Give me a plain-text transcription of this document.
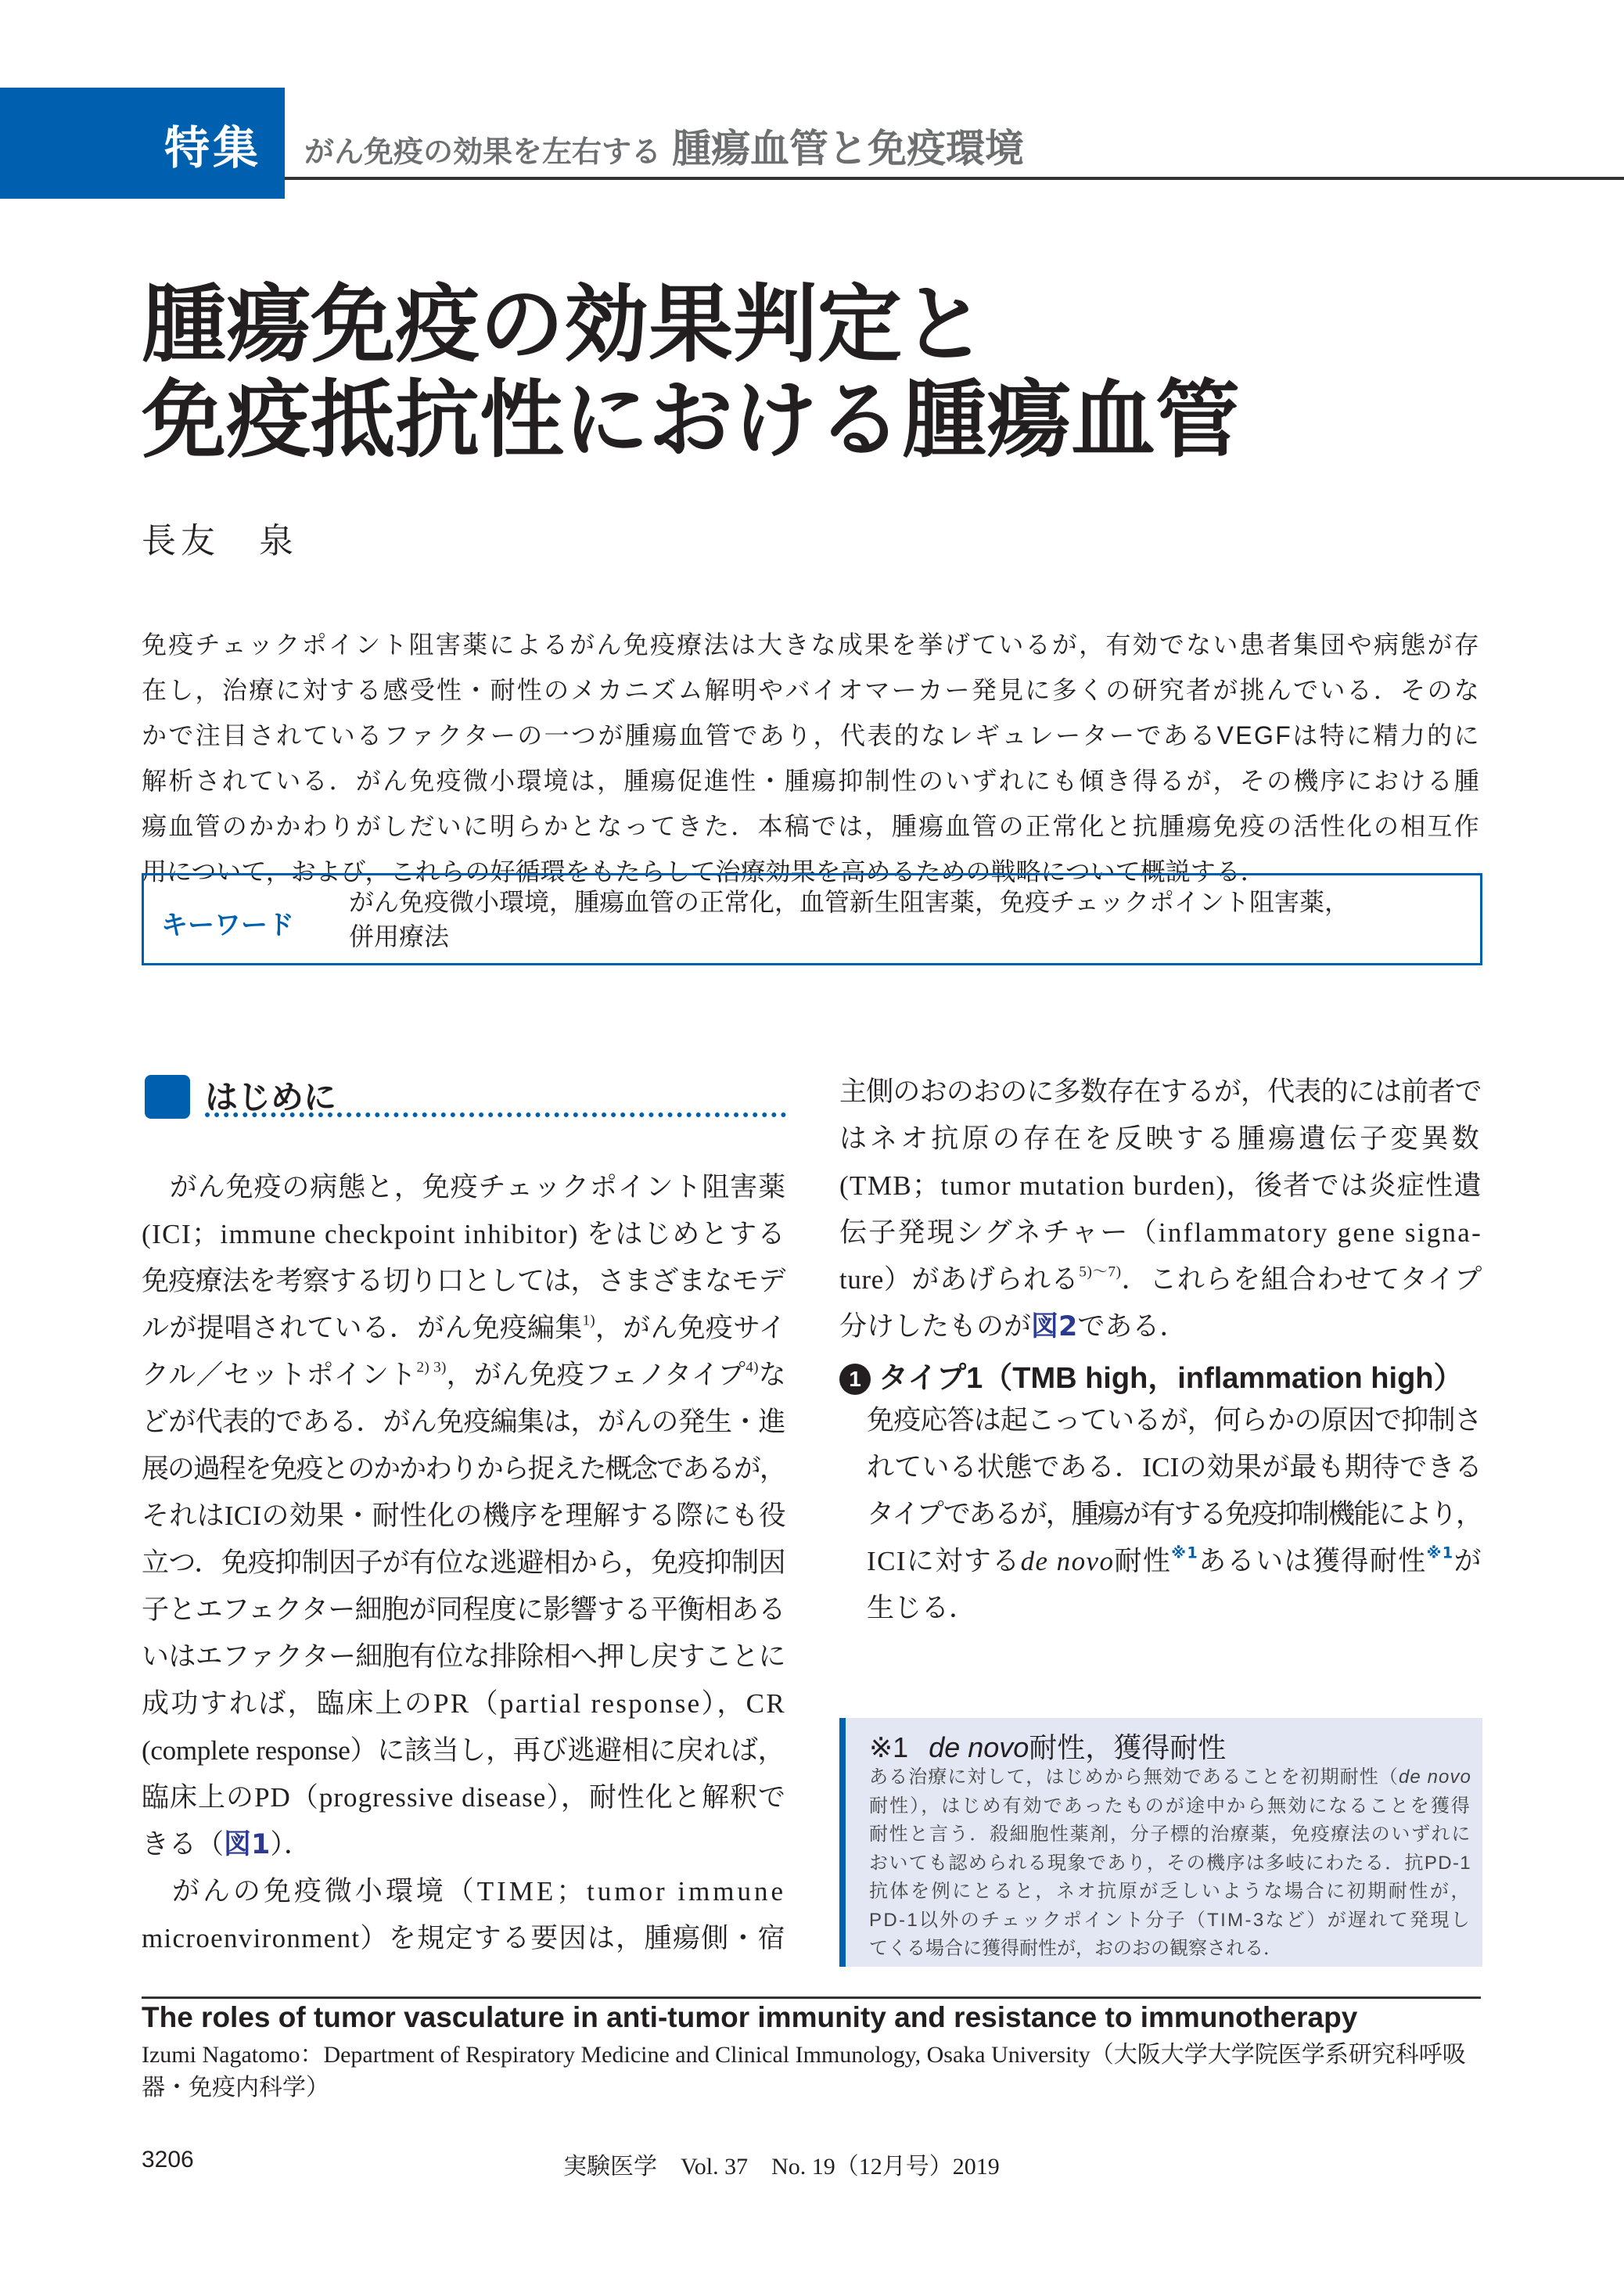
特集 がん免疫の効果を左右する 腫瘍血管と免疫環境
腫瘍免疫の効果判定と
免疫抵抗性における腫瘍血管
長友　泉
免疫チェックポイント阻害薬によるがん免疫療法は大きな成果を挙げているが，有効でない患者集団や病態が存
在し，治療に対する感受性・耐性のメカニズム解明やバイオマーカー発見に多くの研究者が挑んでいる．そのな
かで注目されているファクターの一つが腫瘍血管であり，代表的なレギュレーターであるVEGFは特に精力的に
解析されている．がん免疫微小環境は，腫瘍促進性・腫瘍抑制性のいずれにも傾き得るが，その機序における腫
瘍血管のかかわりがしだいに明らかとなってきた．本稿では，腫瘍血管の正常化と抗腫瘍免疫の活性化の相互作
用について，および，これらの好循環をもたらして治療効果を高めるための戦略について概説する．
キーワード
がん免疫微小環境，腫瘍血管の正常化，血管新生阻害薬，免疫チェックポイント阻害薬，
併用療法
はじめに
　がん免疫の病態と，免疫チェックポイント阻害薬
(ICI；immune checkpoint inhibitor) をはじめとする
免疫療法を考察する切り口としては，さまざまなモデ
ルが提唱されている．がん免疫編集$^{1)}$，がん免疫サイ
クル／セットポイント$^{2) 3)}$，がん免疫フェノタイプ$^{4)}$な
どが代表的である．がん免疫編集は，がんの発生・進
展の過程を免疫とのかかわりから捉えた概念であるが，
それはICIの効果・耐性化の機序を理解する際にも役
立つ．免疫抑制因子が有位な逃避相から，免疫抑制因
子とエフェクター細胞が同程度に影響する平衡相ある
いはエファクター細胞有位な排除相へ押し戻すことに
成功すれば，臨床上のPR（partial response），CR
(complete response）に該当し，再び逃避相に戻れば，
臨床上のPD（progressive disease），耐性化と解釈で
きる（図1）．
　がんの免疫微小環境（TIME；tumor immune
microenvironment）を規定する要因は，腫瘍側・宿
主側のおのおのに多数存在するが，代表的には前者で
はネオ抗原の存在を反映する腫瘍遺伝子変異数
(TMB；tumor mutation burden)，後者では炎症性遺
伝子発現シグネチャー（inflammatory gene signa-
ture）があげられる$^{5)〜7)}$．これらを組合わせてタイプ
分けしたものが図2である．
1 タイプ1（TMB high，inflammation high）
免疫応答は起こっているが，何らかの原因で抑制さ
れている状態である．ICIの効果が最も期待できる
タイプであるが，腫瘍が有する免疫抑制機能により，
ICIに対するde novo耐性$^{※1}$あるいは獲得耐性$^{※1}$が
生じる．
※1 de novo耐性，獲得耐性
ある治療に対して，はじめから無効であることを初期耐性（de novo
耐性），はじめ有効であったものが途中から無効になることを獲得
耐性と言う．殺細胞性薬剤，分子標的治療薬，免疫療法のいずれに
おいても認められる現象であり，その機序は多岐にわたる．抗PD-1
抗体を例にとると，ネオ抗原が乏しいような場合に初期耐性が，
PD-1以外のチェックポイント分子（TIM-3など）が遅れて発現し
てくる場合に獲得耐性が，おのおの観察される．
The roles of tumor vasculature in anti-tumor immunity and resistance to immunotherapy
Izumi Nagatomo：Department of Respiratory Medicine and Clinical Immunology, Osaka University（大阪大学大学院医学系研究科呼吸器・免疫内科学）
3206	実験医学　Vol. 37　No. 19（12月号）2019
